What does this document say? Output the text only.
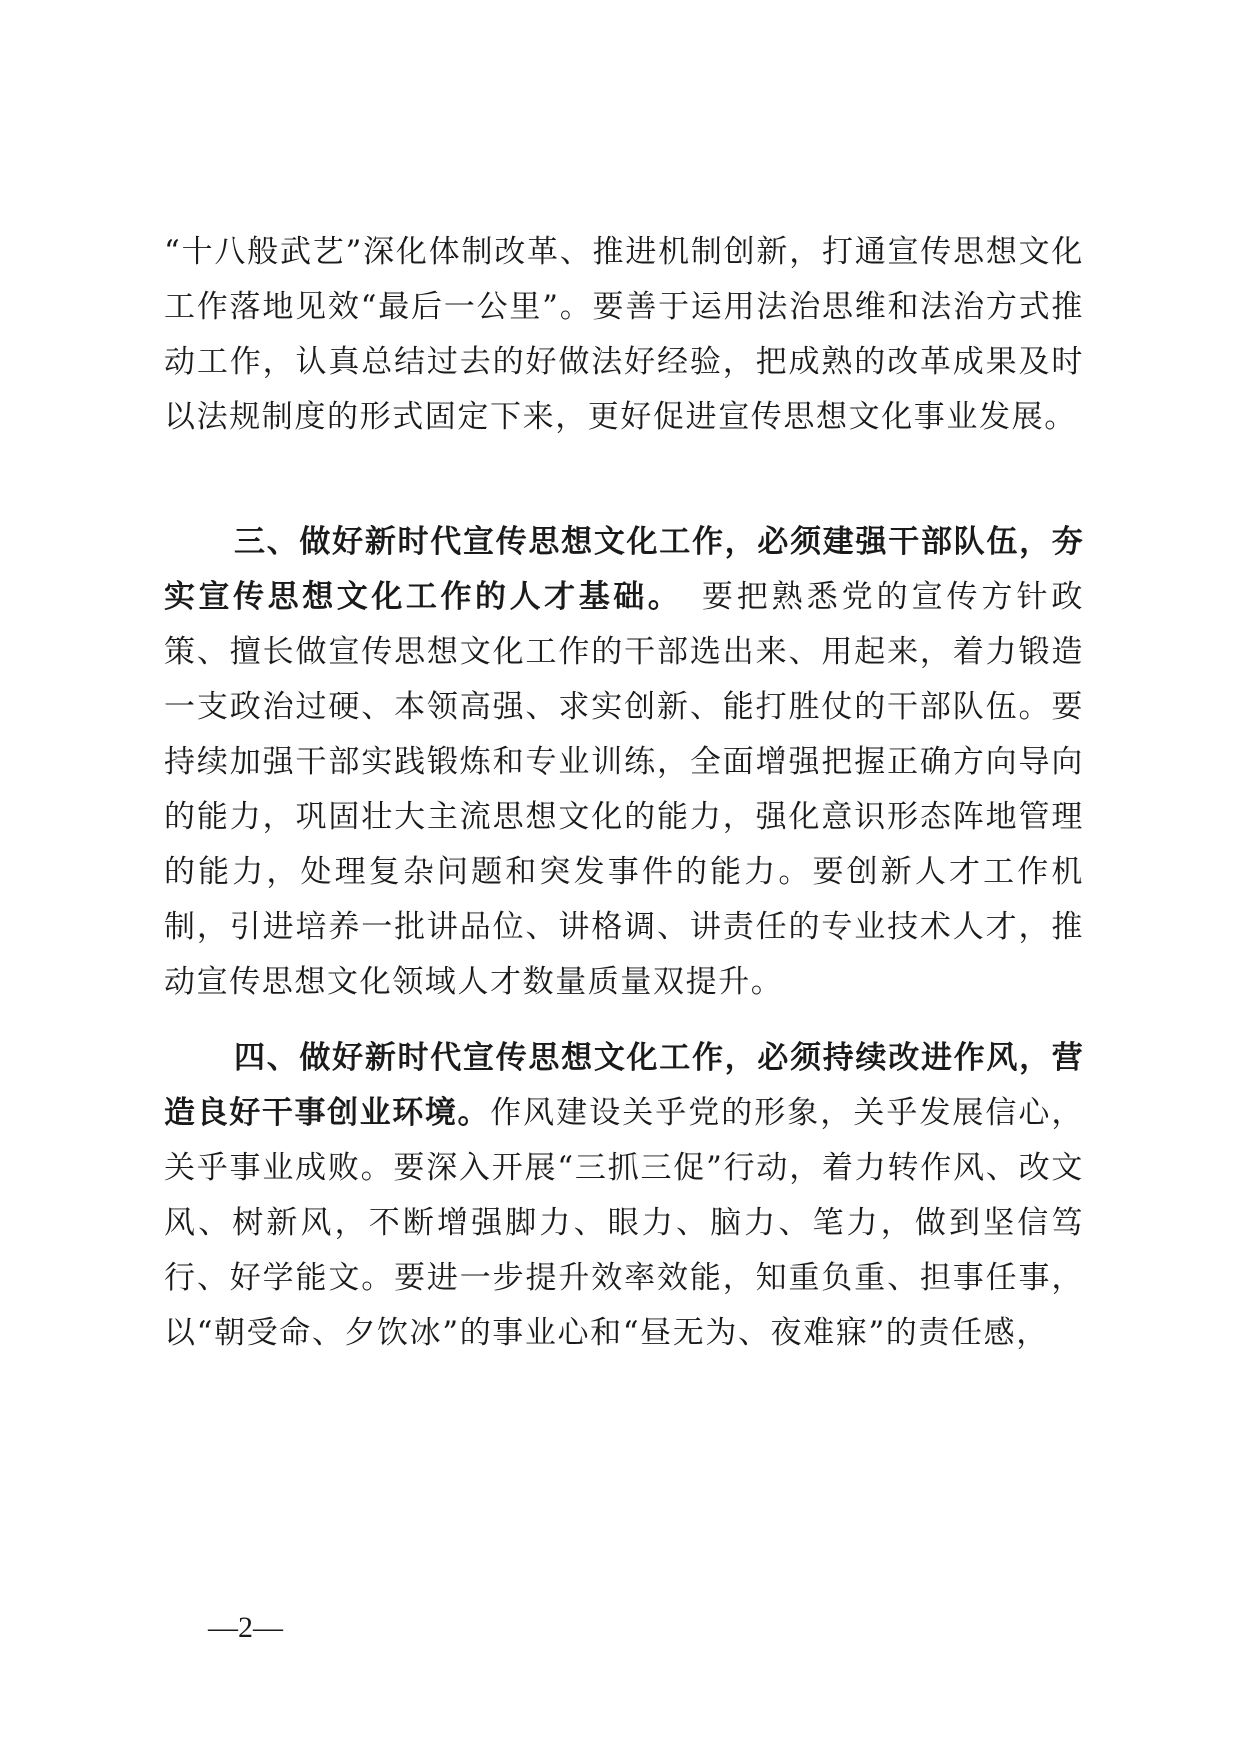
“十八般武艺”深化体制改革、推进机制创新，打通宣传思想文化工作落地见效“最后一公里”。要善于运用法治思维和法治方式推动工作，认真总结过去的好做法好经验，把成熟的改革成果及时以法规制度的形式固定下来，更好促进宣传思想文化事业发展。

三、做好新时代宣传思想文化工作，必须建强干部队伍，夯实宣传思想文化工作的人才基础。　要把熟悉党的宣传方针政策、擅长做宣传思想文化工作的干部选出来、用起来，着力锻造一支政治过硬、本领高强、求实创新、能打胜仗的干部队伍。要持续加强干部实践锻炼和专业训练，全面增强把握正确方向导向的能力，巩固壮大主流思想文化的能力，强化意识形态阵地管理的能力，处理复杂问题和突发事件的能力。要创新人才工作机制，引进培养一批讲品位、讲格调、讲责任的专业技术人才，推动宣传思想文化领域人才数量质量双提升。

四、做好新时代宣传思想文化工作，必须持续改进作风，营造良好干事创业环境。作风建设关乎党的形象，关乎发展信心，关乎事业成败。要深入开展“三抓三促”行动，着力转作风、改文风、树新风，不断增强脚力、眼力、脑力、笔力，做到坚信笃行、好学能文。要进一步提升效率效能，知重负重、担事任事，以“朝受命、夕饮冰”的事业心和“昼无为、夜难寐”的责任感，

—2—
